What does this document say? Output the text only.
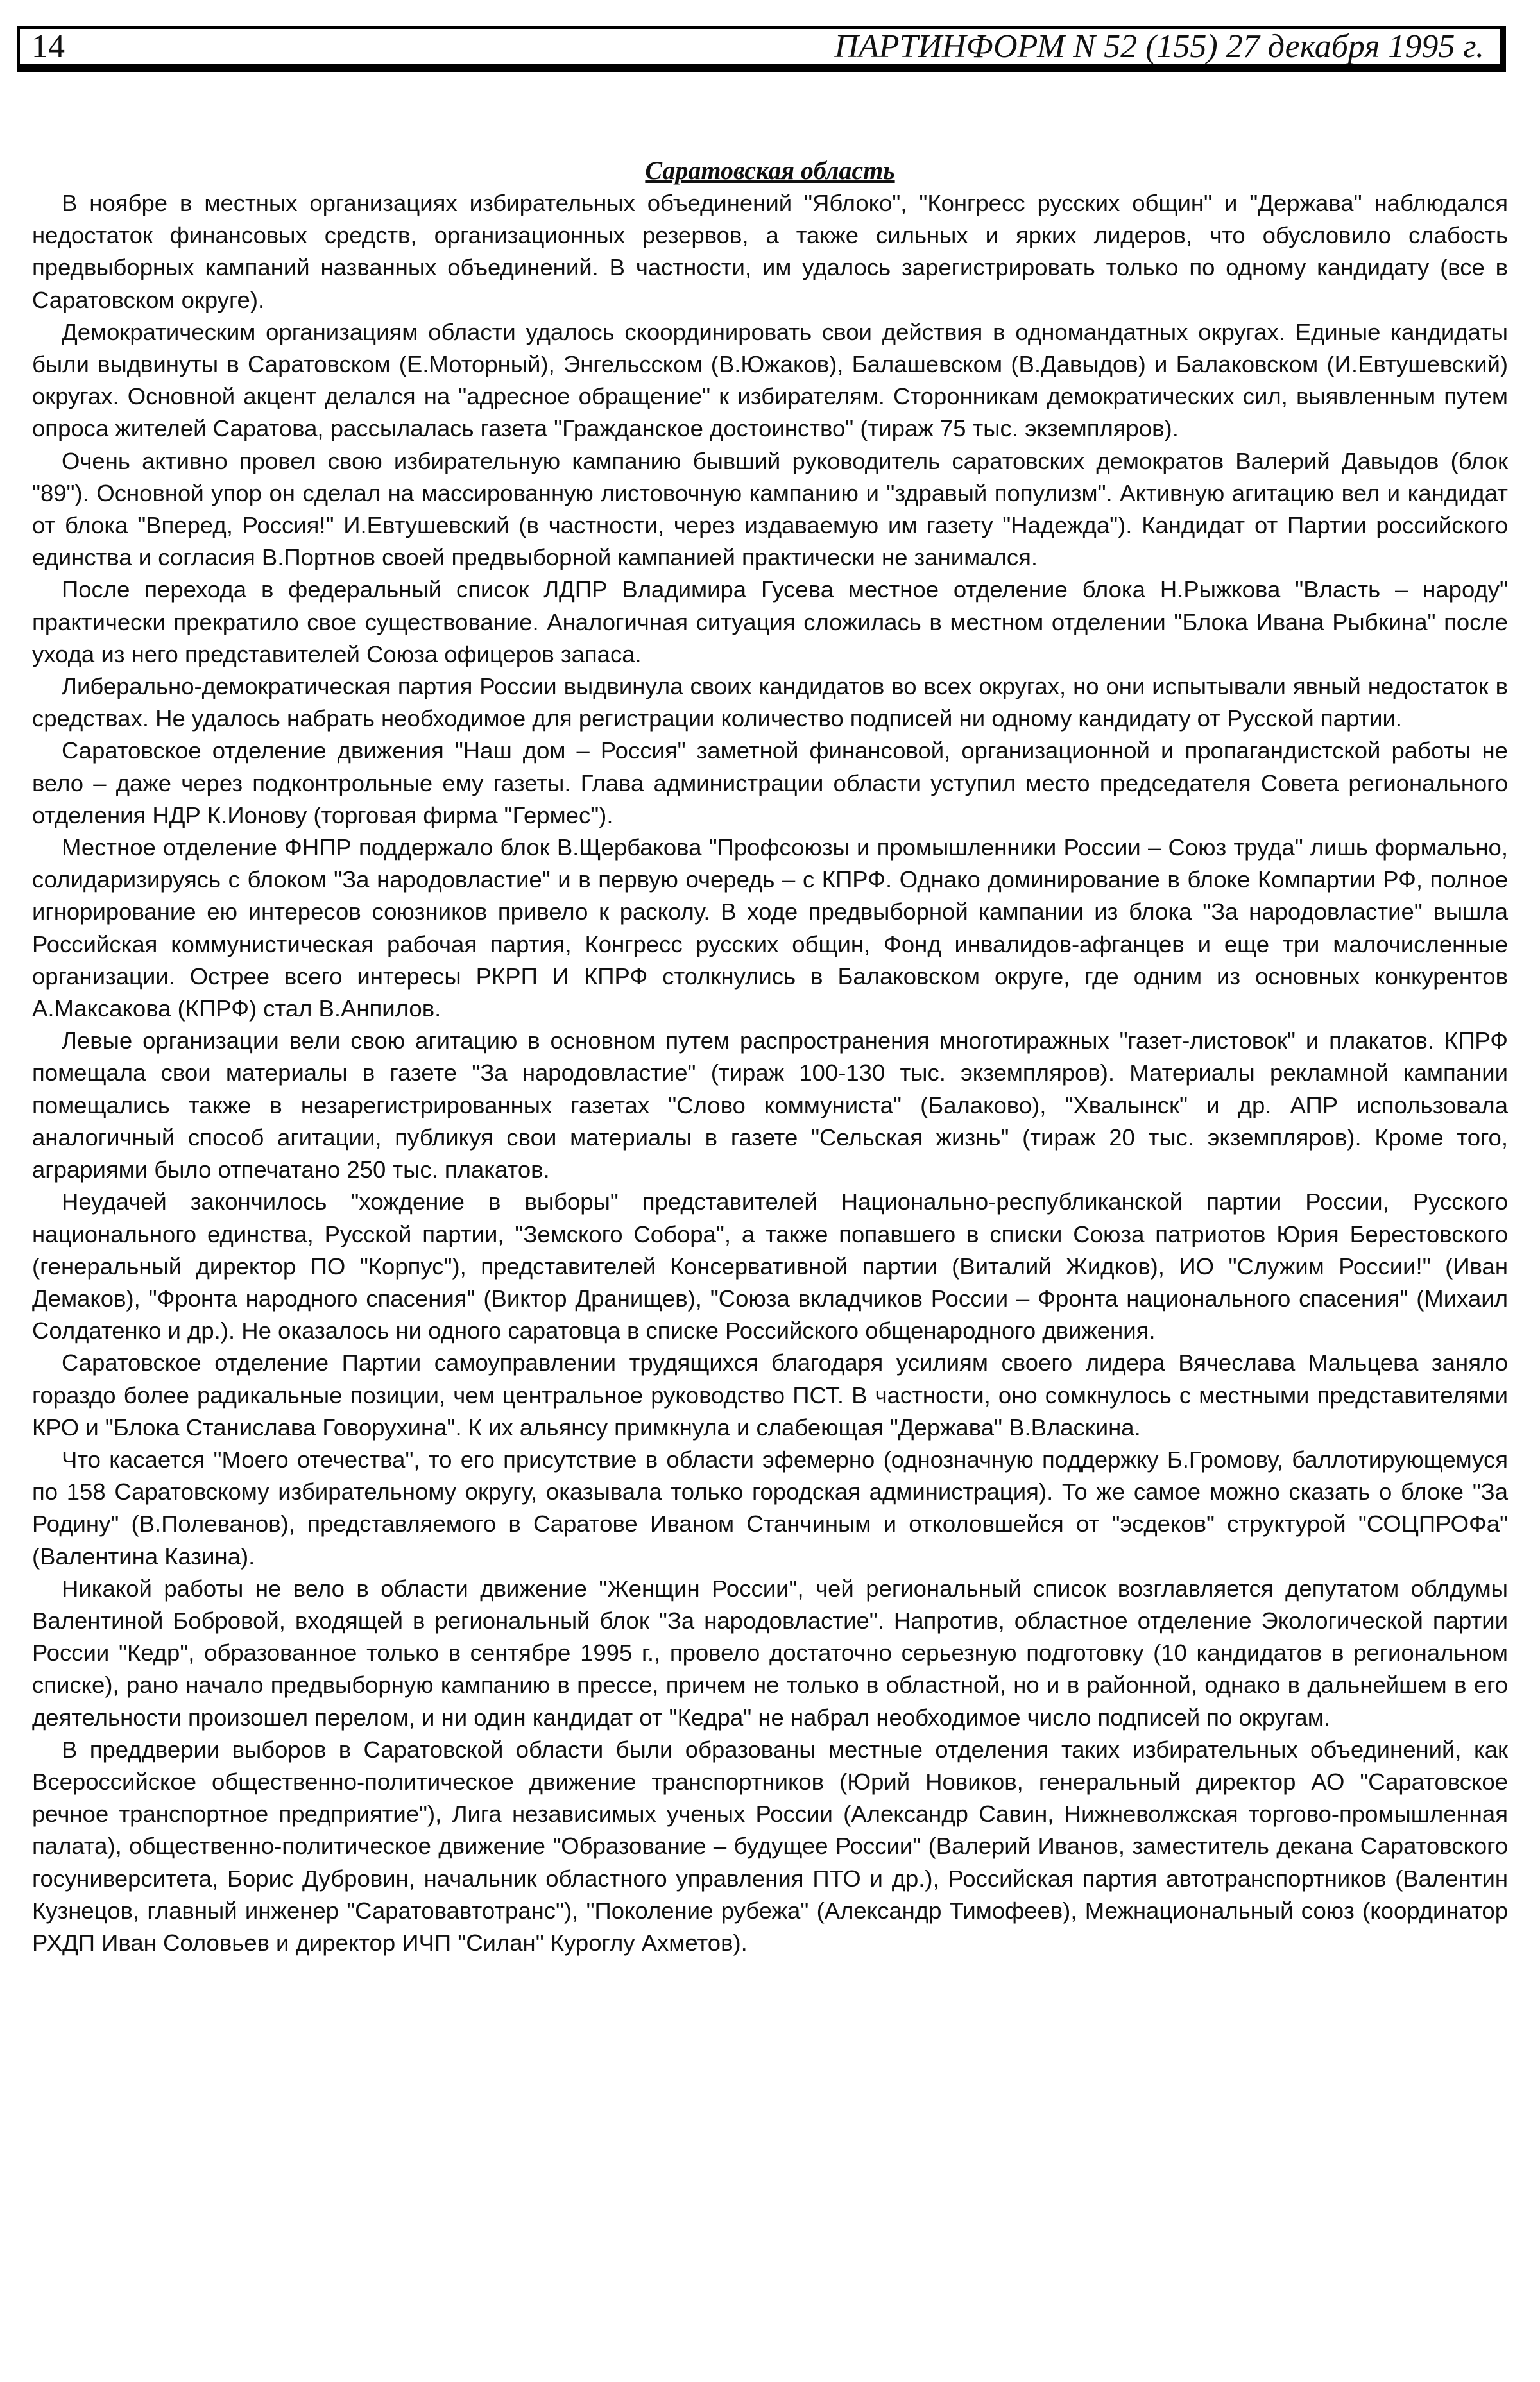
14	ПАРТИНФОРМ N 52 (155) 27 декабря 1995 г.
Саратовская область

В ноябре в местных организациях избирательных объединений "Яблоко", "Конгресс русских общин" и "Держава" наблюдался недостаток финансовых средств, организационных резервов, а также сильных и ярких лидеров, что обусловило слабость предвыборных кампаний названных объединений. В частности, им удалось зарегистрировать только по одному кандидату (все в Саратовском округе).

Демократическим организациям области удалось скоординировать свои действия в одномандатных округах. Единые кандидаты были выдвинуты в Саратовском (Е.Моторный), Энгельсском (В.Южаков), Балашевском (В.Давыдов) и Балаковском (И.Евтушевский) округах. Основной акцент делался на "адресное обращение" к избирателям. Сторонникам демократических сил, выявленным путем опроса жителей Саратова, рассылалась газета "Гражданское достоинство" (тираж 75 тыс. экземпляров).

Очень активно провел свою избирательную кампанию бывший руководитель саратовских демократов Валерий Давыдов (блок "89"). Основной упор он сделал на массированную листовочную кампанию и "здравый популизм". Активную агитацию вел и кандидат от блока "Вперед, Россия!" И.Евтушевский (в частности, через издаваемую им газету "Надежда"). Кандидат от Партии российского единства и согласия В.Портнов своей предвыборной кампанией практически не занимался.

После перехода в федеральный список ЛДПР Владимира Гусева местное отделение блока Н.Рыжкова "Власть – народу" практически прекратило свое существование. Аналогичная ситуация сложилась в местном отделении "Блока Ивана Рыбкина" после ухода из него представителей Союза офицеров запаса.

Либерально-демократическая партия России выдвинула своих кандидатов во всех округах, но они испытывали явный недостаток в средствах. Не удалось набрать необходимое для регистрации количество подписей ни одному кандидату от Русской партии.

Саратовское отделение движения "Наш дом – Россия" заметной финансовой, организационной и пропагандистской работы не вело – даже через подконтрольные ему газеты. Глава администрации области уступил место председателя Совета регионального отделения НДР К.Ионову (торговая фирма "Гермес").

Местное отделение ФНПР поддержало блок В.Щербакова "Профсоюзы и промышленники России – Союз труда" лишь формально, солидаризируясь с блоком "За народовластие" и в первую очередь – с КПРФ. Однако доминирование в блоке Компартии РФ, полное игнорирование ею интересов союзников привело к расколу. В ходе предвыборной кампании из блока "За народовластие" вышла Российская коммунистическая рабочая партия, Конгресс русских общин, Фонд инвалидов-афганцев и еще три малочисленные организации. Острее всего интересы РКРП И КПРФ столкнулись в Балаковском округе, где одним из основных конкурентов А.Максакова (КПРФ) стал В.Анпилов.

Левые организации вели свою агитацию в основном путем распространения многотиражных "газет-листовок" и плакатов. КПРФ помещала свои материалы в газете "За народовластие" (тираж 100-130 тыс. экземпляров). Материалы рекламной кампании помещались также в незарегистрированных газетах "Слово коммуниста" (Балаково), "Хвалынск" и др. АПР использовала аналогичный способ агитации, публикуя свои материалы в газете "Сельская жизнь" (тираж 20 тыс. экземпляров). Кроме того, аграриями было отпечатано 250 тыс. плакатов.

Неудачей закончилось "хождение в выборы" представителей Национально-республиканской партии России, Русского национального единства, Русской партии, "Земского Собора", а также попавшего в списки Союза патриотов Юрия Берестовского (генеральный директор ПО "Корпус"), представителей Консервативной партии (Виталий Жидков), ИО "Служим России!" (Иван Демаков), "Фронта народного спасения" (Виктор Дранищев), "Союза вкладчиков России – Фронта национального спасения" (Михаил Солдатенко и др.). Не оказалось ни одного саратовца в списке Российского общенародного движения.

Саратовское отделение Партии самоуправлении трудящихся благодаря усилиям своего лидера Вячеслава Мальцева заняло гораздо более радикальные позиции, чем центральное руководство ПСТ. В частности, оно сомкнулось с местными представителями КРО и "Блока Станислава Говорухина". К их альянсу примкнула и слабеющая "Держава" В.Власкина.

Что касается "Моего отечества", то его присутствие в области эфемерно (однозначную поддержку Б.Громову, баллотирующемуся по 158 Саратовскому избирательному округу, оказывала только городская администрация). То же самое можно сказать о блоке "За Родину" (В.Полеванов), представляемого в Саратове Иваном Станчиным и отколовшейся от "эсдеков" структурой "СОЦПРОФа" (Валентина Казина).

Никакой работы не вело в области движение "Женщин России", чей региональный список возглавляется депутатом облдумы Валентиной Бобровой, входящей в региональный блок "За народовластие". Напротив, областное отделение Экологической партии России "Кедр", образованное только в сентябре 1995 г., провело достаточно серьезную подготовку (10 кандидатов в региональном списке), рано начало предвыборную кампанию в прессе, причем не только в областной, но и в районной, однако в дальнейшем в его деятельности произошел перелом, и ни один кандидат от "Кедра" не набрал необходимое число подписей по округам.

В преддверии выборов в Саратовской области были образованы местные отделения таких избирательных объединений, как Всероссийское общественно-политическое движение транспортников (Юрий Новиков, генеральный директор АО "Саратовское речное транспортное предприятие"), Лига независимых ученых России (Александр Савин, Нижневолжская торгово-промышленная палата), общественно-политическое движение "Образование – будущее России" (Валерий Иванов, заместитель декана Саратовского госуниверситета, Борис Дубровин, начальник областного управления ПТО и др.), Российская партия автотранспортников (Валентин Кузнецов, главный инженер "Саратовавтотранс"), "Поколение рубежа" (Александр Тимофеев), Межнациональный союз (координатор РХДП Иван Соловьев и директор ИЧП "Силан" Куроглу Ахметов).
